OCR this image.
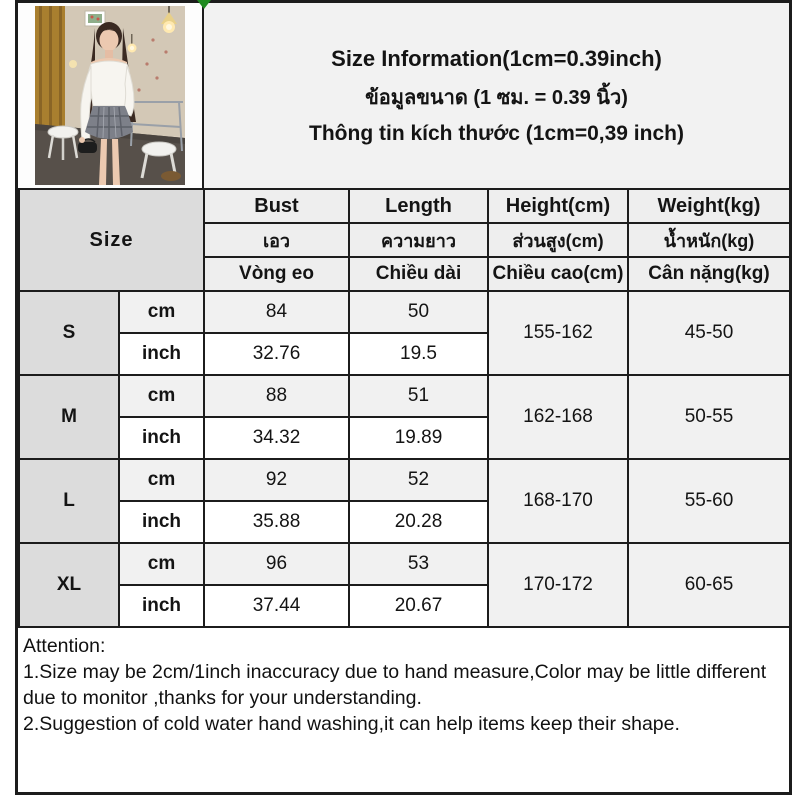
Size Information(1cm=0.39inch)
ข้อมูลขนาด (1 ซม. = 0.39 นิ้ว)
Thông tin kích thước (1cm=0,39 inch)
Size		Bust	Length	Height(cm)	Weight(kg)
		เอว	ความยาว	ส่วนสูง(cm)	น้ำหนัก(kg)
		Vòng eo	Chiều dài	Chiều cao(cm)	Cân nặng(kg)
S	cm	84	50	155-162	45-50
	inch	32.76	19.5		
M	cm	88	51	162-168	50-55
	inch	34.32	19.89		
L	cm	92	52	168-170	55-60
	inch	35.88	20.28		
XL	cm	96	53	170-172	60-65
	inch	37.44	20.67		
Attention:
1.Size may be 2cm/1inch inaccuracy due to hand measure,Color may be little different due to monitor ,thanks for your understanding.
2.Suggestion of cold water hand washing,it can help items keep their shape.
